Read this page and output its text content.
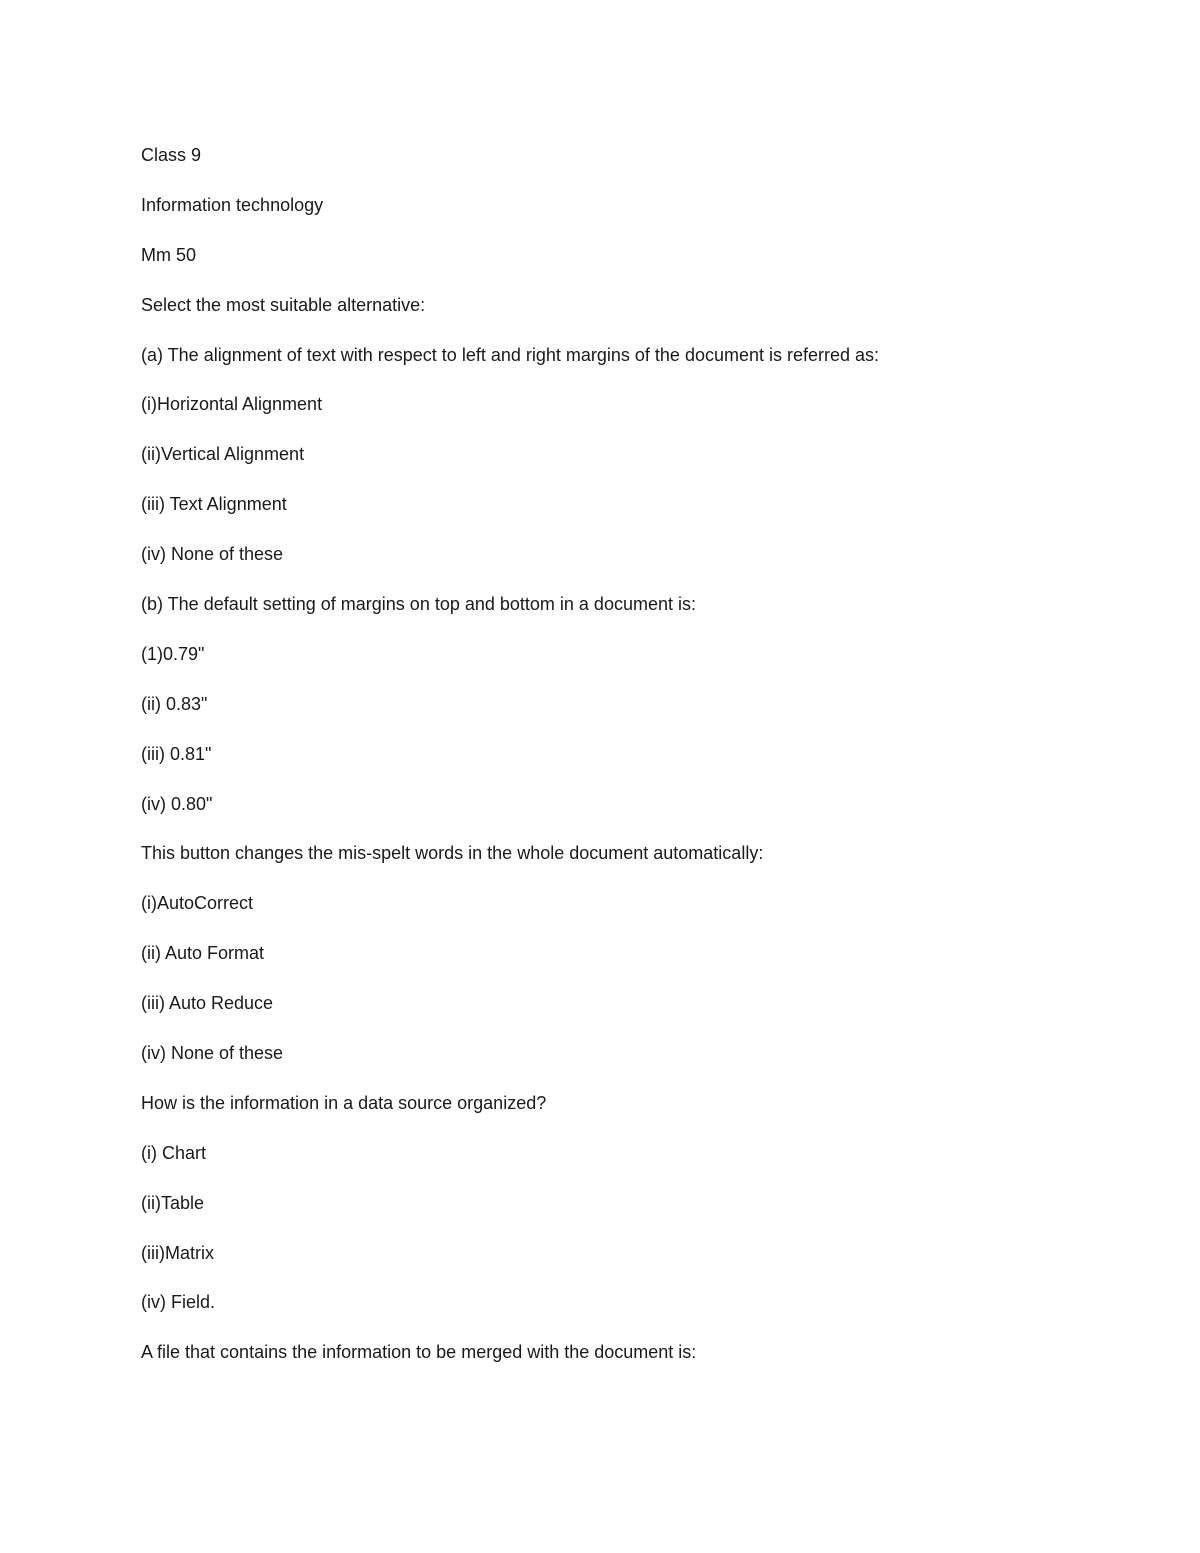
Class 9
Information technology
Mm 50
Select the most suitable alternative:
(a) The alignment of text with respect to left and right margins of the document is referred as:
(i)Horizontal Alignment
(ii)Vertical Alignment
(iii) Text Alignment
(iv) None of these
(b) The default setting of margins on top and bottom in a document is:
(1)0.79"
(ii) 0.83"
(iii) 0.81"
(iv) 0.80"
This button changes the mis-spelt words in the whole document automatically:
(i)AutoCorrect
(ii) Auto Format
(iii) Auto Reduce
(iv) None of these
How is the information in a data source organized?
(i) Chart
(ii)Table
(iii)Matrix
(iv) Field.
A file that contains the information to be merged with the document is:
